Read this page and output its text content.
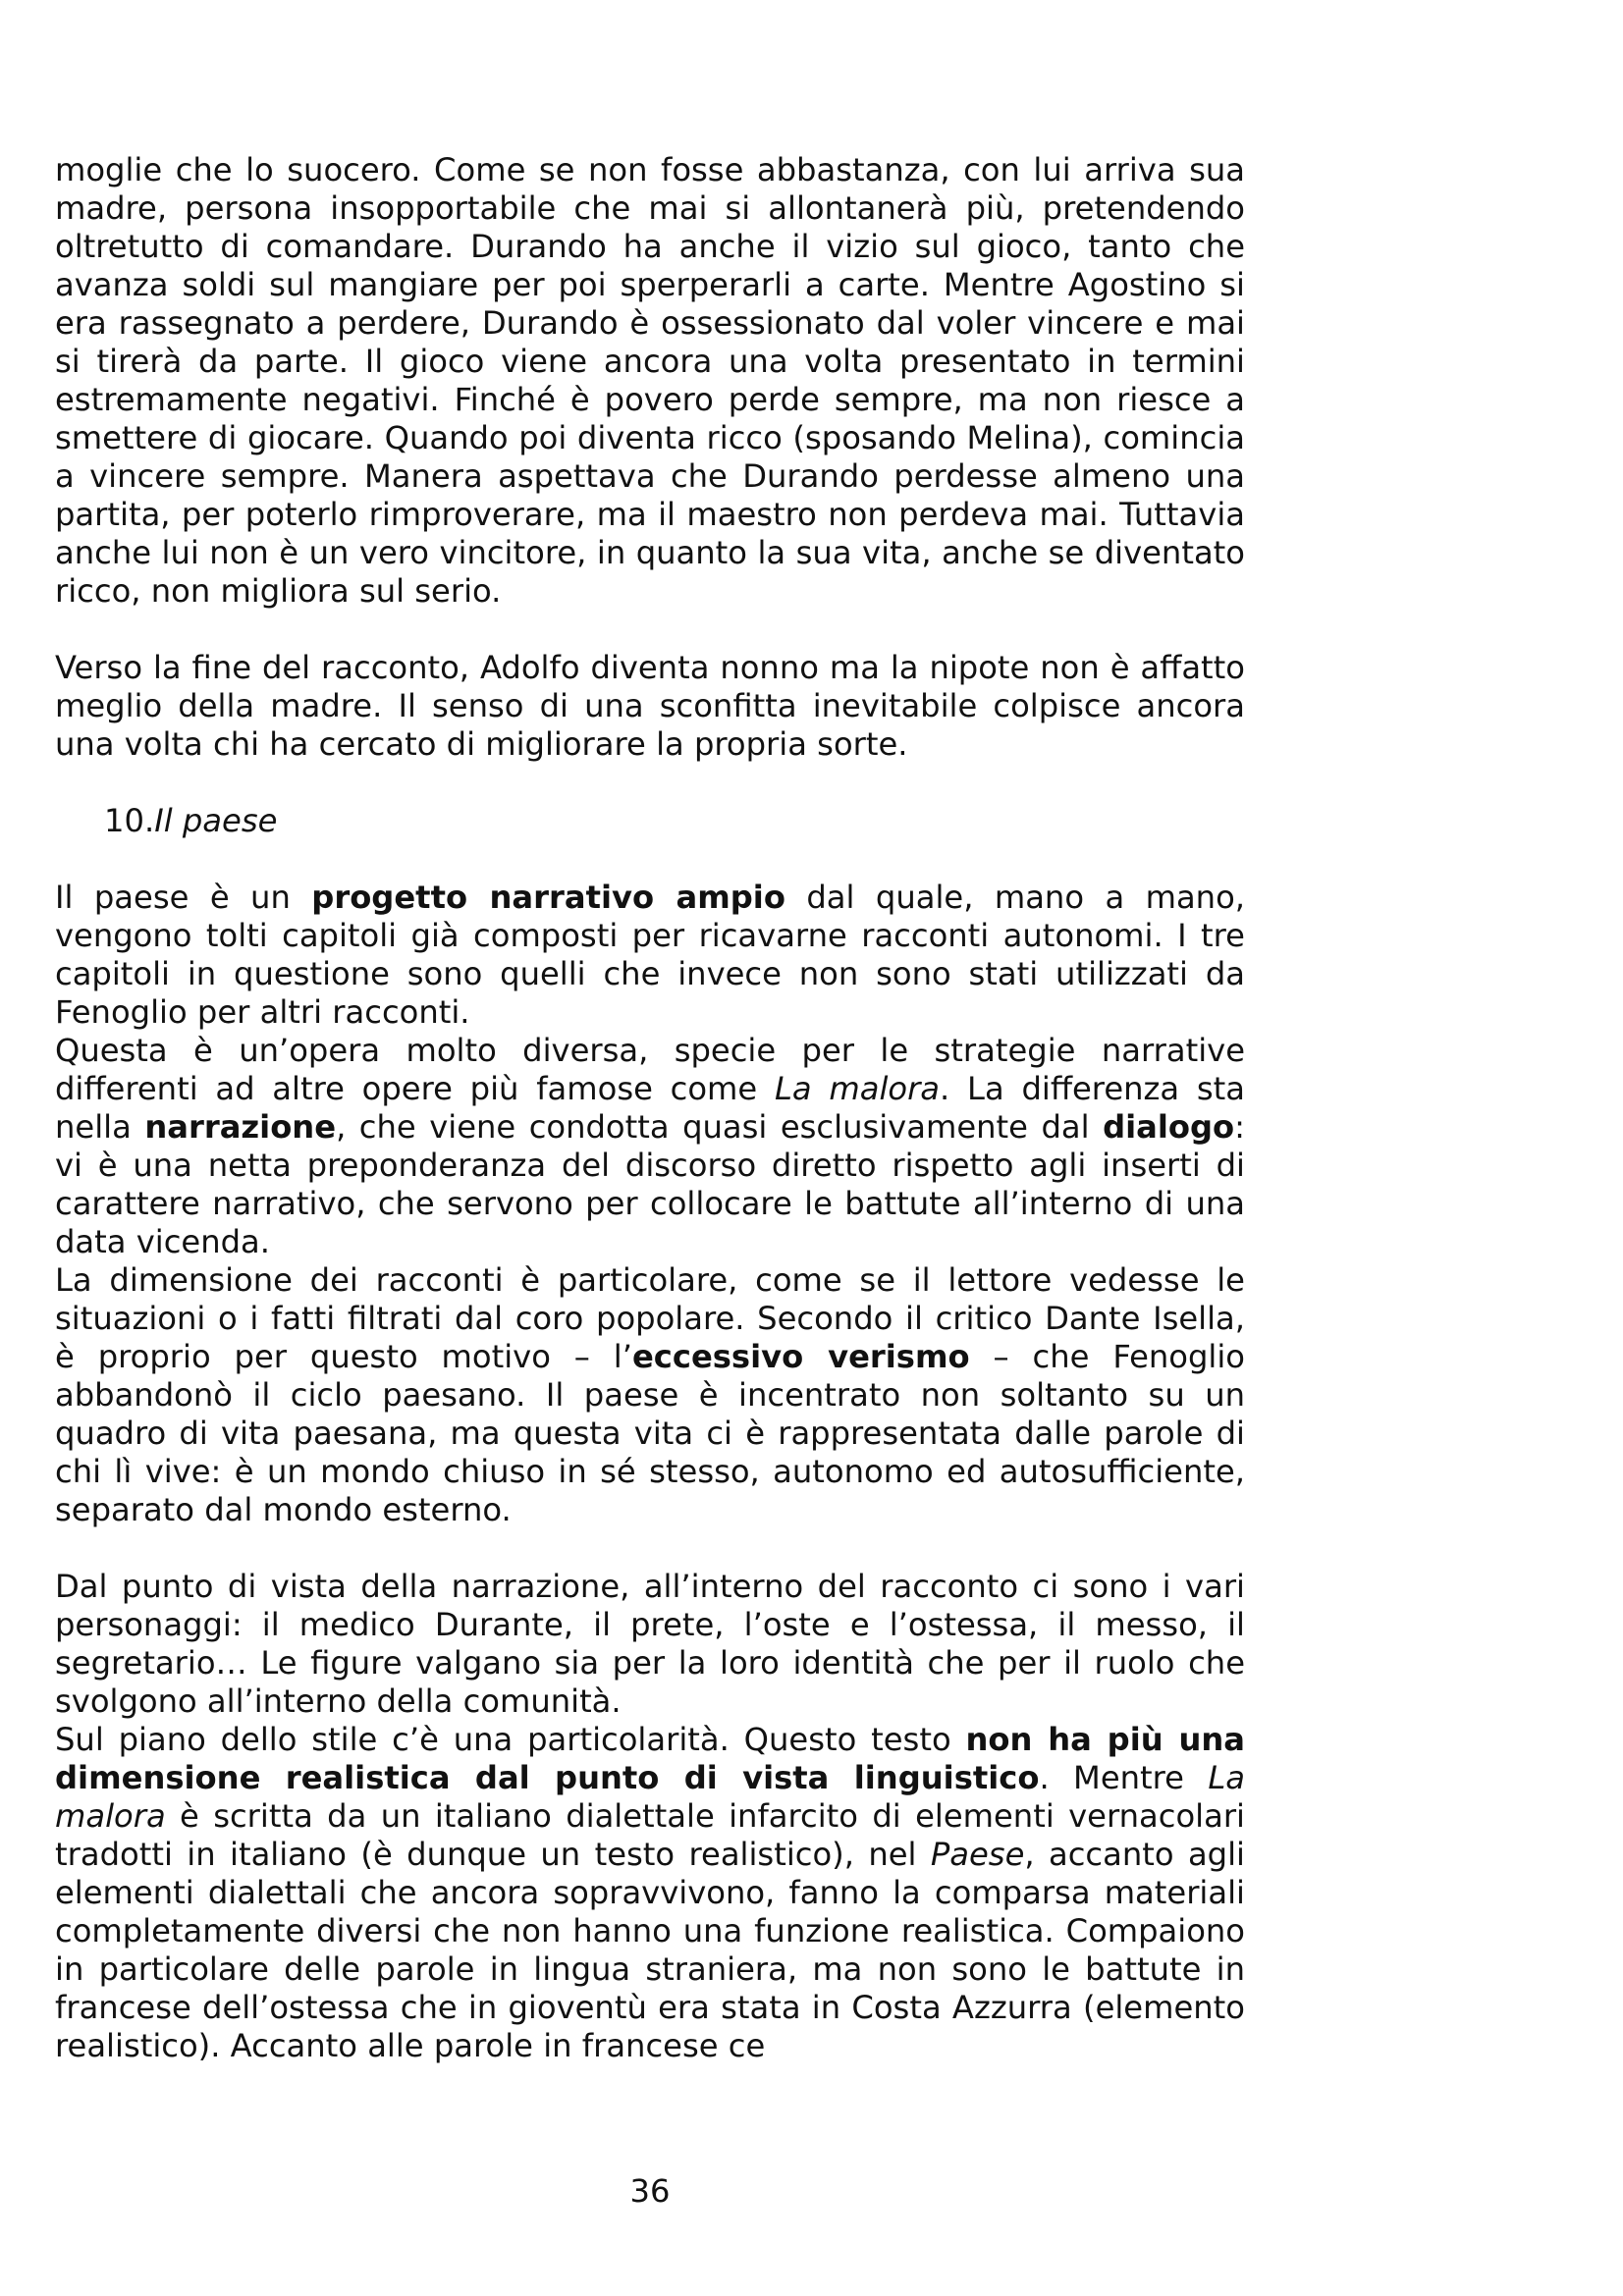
moglie che lo suocero. Come se non fosse abbastanza, con lui arriva sua madre, persona insopportabile che mai si allontanerà più, pretendendo oltretutto di comandare. Durando ha anche il vizio sul gioco, tanto che avanza soldi sul mangiare per poi sperperarli a carte. Mentre Agostino si era rassegnato a perdere, Durando è ossessionato dal voler vincere e mai si tirerà da parte. Il gioco viene ancora una volta presentato in termini estremamente negativi. Finché è povero perde sempre, ma non riesce a smettere di giocare. Quando poi diventa ricco (sposando Melina), comincia a vincere sempre. Manera aspettava che Durando perdesse almeno una partita, per poterlo rimproverare, ma il maestro non perdeva mai. Tuttavia anche lui non è un vero vincitore, in quanto la sua vita, anche se diventato ricco, non migliora sul serio.

Verso la fine del racconto, Adolfo diventa nonno ma la nipote non è affatto meglio della madre. Il senso di una sconfitta inevitabile colpisce ancora una volta chi ha cercato di migliorare la propria sorte.

10.Il paese

Il paese è un progetto narrativo ampio dal quale, mano a mano, vengono tolti capitoli già composti per ricavarne racconti autonomi. I tre capitoli in questione sono quelli che invece non sono stati utilizzati da Fenoglio per altri racconti.

Questa è un’opera molto diversa, specie per le strategie narrative differenti ad altre opere più famose come La malora. La differenza sta nella narrazione, che viene condotta quasi esclusivamente dal dialogo: vi è una netta preponderanza del discorso diretto rispetto agli inserti di carattere narrativo, che servono per collocare le battute all’interno di una data vicenda.

La dimensione dei racconti è particolare, come se il lettore vedesse le situazioni o i fatti filtrati dal coro popolare. Secondo il critico Dante Isella, è proprio per questo motivo – l’eccessivo verismo – che Fenoglio abbandonò il ciclo paesano. Il paese è incentrato non soltanto su un quadro di vita paesana, ma questa vita ci è rappresentata dalle parole di chi lì vive: è un mondo chiuso in sé stesso, autonomo ed autosufficiente, separato dal mondo esterno.

Dal punto di vista della narrazione, all’interno del racconto ci sono i vari personaggi: il medico Durante, il prete, l’oste e l’ostessa, il messo, il segretario… Le figure valgano sia per la loro identità che per il ruolo che svolgono all’interno della comunità.

Sul piano dello stile c’è una particolarità. Questo testo non ha più una dimensione realistica dal punto di vista linguistico. Mentre La malora è scritta da un italiano dialettale infarcito di elementi vernacolari tradotti in italiano (è dunque un testo realistico), nel Paese, accanto agli elementi dialettali che ancora sopravvivono, fanno la comparsa materiali completamente diversi che non hanno una funzione realistica. Compaiono in particolare delle parole in lingua straniera, ma non sono le battute in francese dell’ostessa che in gioventù era stata in Costa Azzurra (elemento realistico). Accanto alle parole in francese ce

36
